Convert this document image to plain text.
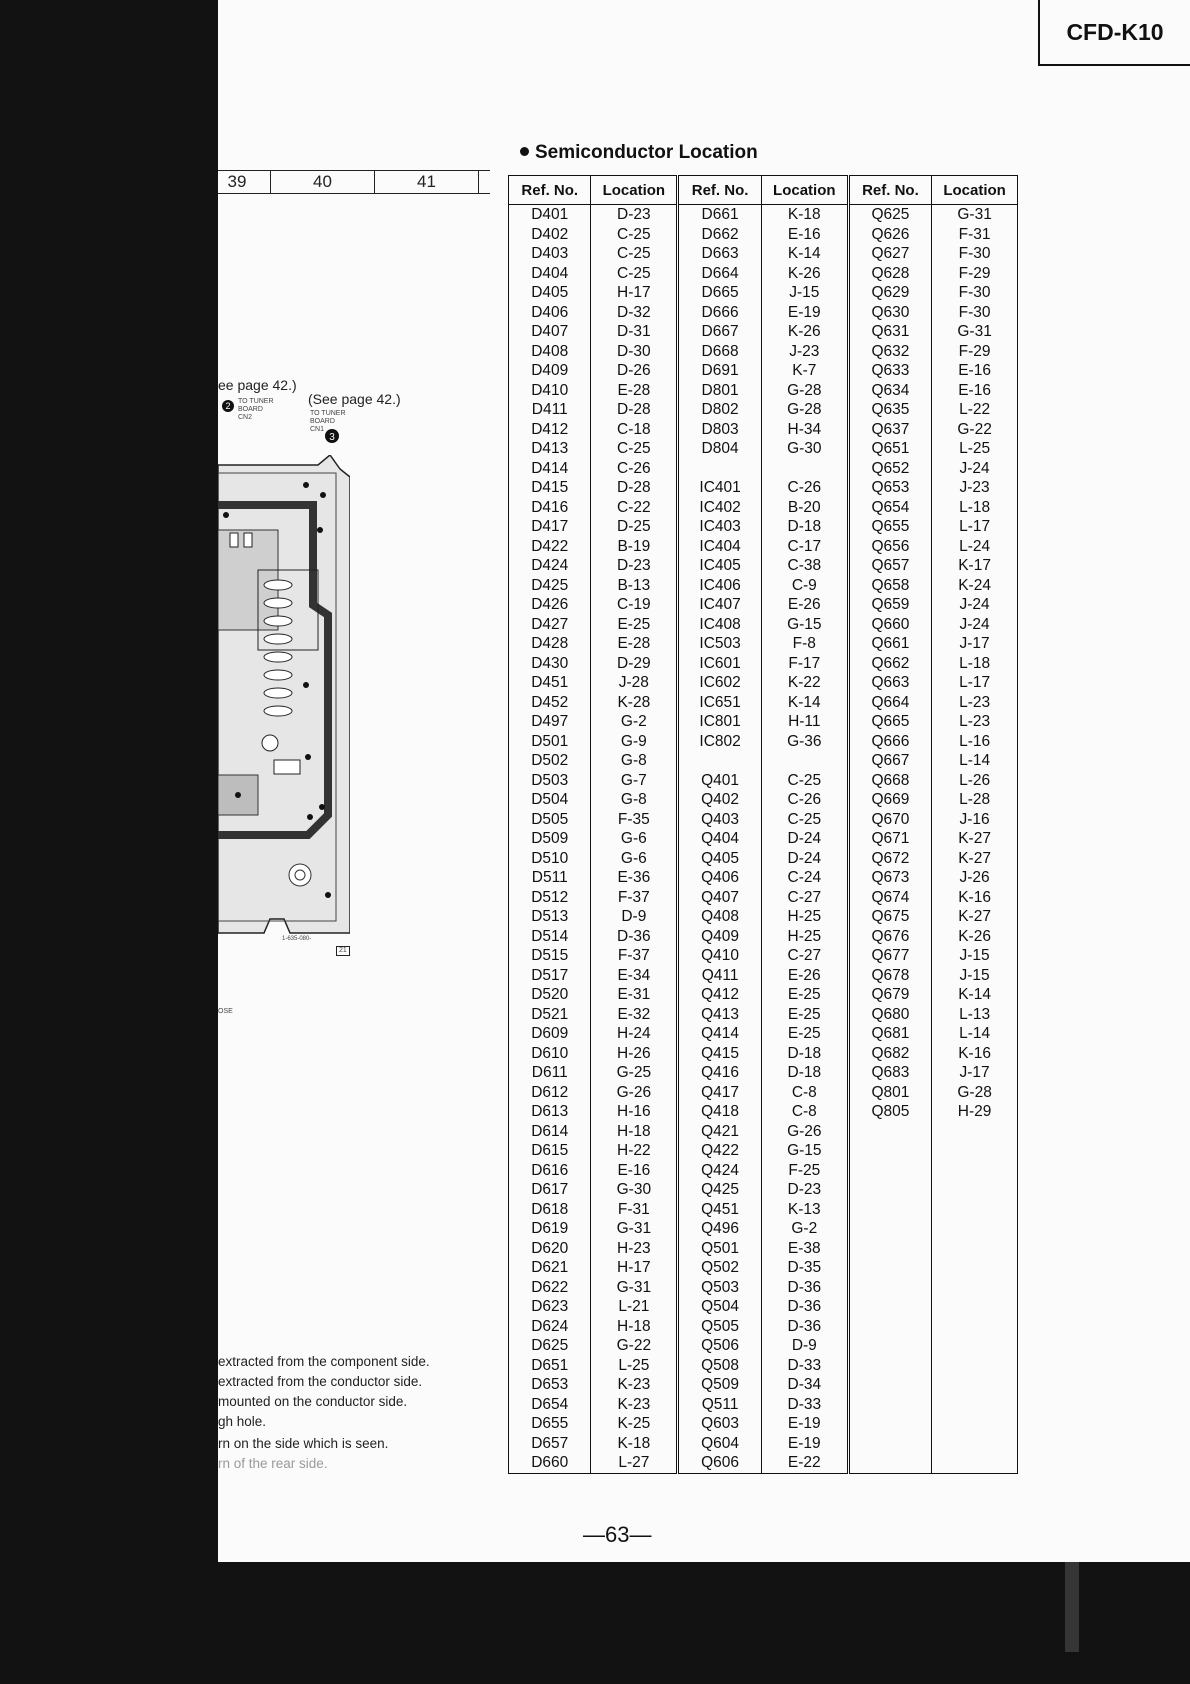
CFD-K10
39	40	41
Semiconductor Location
Ref. No.	Location	Ref. No.	Location	Ref. No.	Location
D401	D-23	D661	K-18	Q625	G-31
D402	C-25	D662	E-16	Q626	F-31
D403	C-25	D663	K-14	Q627	F-30
D404	C-25	D664	K-26	Q628	F-29
D405	H-17	D665	J-15	Q629	F-30
D406	D-32	D666	E-19	Q630	F-30
D407	D-31	D667	K-26	Q631	G-31
D408	D-30	D668	J-23	Q632	F-29
D409	D-26	D691	K-7	Q633	E-16
D410	E-28	D801	G-28	Q634	E-16
D411	D-28	D802	G-28	Q635	L-22
D412	C-18	D803	H-34	Q637	G-22
D413	C-25	D804	G-30	Q651	L-25
D414	C-26			Q652	J-24
D415	D-28	IC401	C-26	Q653	J-23
D416	C-22	IC402	B-20	Q654	L-18
D417	D-25	IC403	D-18	Q655	L-17
D422	B-19	IC404	C-17	Q656	L-24
D424	D-23	IC405	C-38	Q657	K-17
D425	B-13	IC406	C-9	Q658	K-24
D426	C-19	IC407	E-26	Q659	J-24
D427	E-25	IC408	G-15	Q660	J-24
D428	E-28	IC503	F-8	Q661	J-17
D430	D-29	IC601	F-17	Q662	L-18
D451	J-28	IC602	K-22	Q663	L-17
D452	K-28	IC651	K-14	Q664	L-23
D497	G-2	IC801	H-11	Q665	L-23
D501	G-9	IC802	G-36	Q666	L-16
D502	G-8			Q667	L-14
D503	G-7	Q401	C-25	Q668	L-26
D504	G-8	Q402	C-26	Q669	L-28
D505	F-35	Q403	C-25	Q670	J-16
D509	G-6	Q404	D-24	Q671	K-27
D510	G-6	Q405	D-24	Q672	K-27
D511	E-36	Q406	C-24	Q673	J-26
D512	F-37	Q407	C-27	Q674	K-16
D513	D-9	Q408	H-25	Q675	K-27
D514	D-36	Q409	H-25	Q676	K-26
D515	F-37	Q410	C-27	Q677	J-15
D517	E-34	Q411	E-26	Q678	J-15
D520	E-31	Q412	E-25	Q679	K-14
D521	E-32	Q413	E-25	Q680	L-13
D609	H-24	Q414	E-25	Q681	L-14
D610	H-26	Q415	D-18	Q682	K-16
D611	G-25	Q416	D-18	Q683	J-17
D612	G-26	Q417	C-8	Q801	G-28
D613	H-16	Q418	C-8	Q805	H-29
D614	H-18	Q421	G-26		
D615	H-22	Q422	G-15		
D616	E-16	Q424	F-25		
D617	G-30	Q425	D-23		
D618	F-31	Q451	K-13		
D619	G-31	Q496	G-2		
D620	H-23	Q501	E-38		
D621	H-17	Q502	D-35		
D622	G-31	Q503	D-36		
D623	L-21	Q504	D-36		
D624	H-18	Q505	D-36		
D625	G-22	Q506	D-9		
D651	L-25	Q508	D-33		
D653	K-23	Q509	D-34		
D654	K-23	Q511	D-33		
D655	K-25	Q603	E-19		
D657	K-18	Q604	E-19		
D660	L-27	Q606	E-22		
ee page 42.)
(See page 42.)
TO TUNER BOARD CN2
TO TUNER BOARD CN1
2
3
1-635-080-
21
OSE
extracted from the component side.
extracted from the conductor side.
mounted on the conductor side.
gh hole.
rn on the side which is seen.
rn of the rear side.
—63—
